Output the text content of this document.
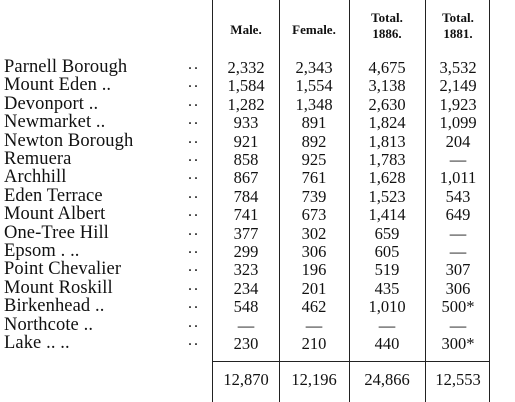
Male.	Female.
Total.
1886.
Total.
1881.
Parnell Borough	..	2,332	2,343	4,675	3,532
Mount Eden ..	..	1,584	1,554	3,138	2,149
Devonport ..	..	1,282	1,348	2,630	1,923
Newmarket ..	..	933	891	1,824	1,099
Newton Borough	..	921	892	1,813	204
Remuera	..	858	925	1,783	—
Archhill	..	867	761	1,628	1,011
Eden Terrace	..	784	739	1,523	543
Mount Albert	..	741	673	1,414	649
One-Tree Hill	..	377	302	659	—
Epsom . ..	..	299	306	605	—
Point Chevalier	..	323	196	519	307
Mount Roskill	..	234	201	435	306
Birkenhead ..	..	548	462	1,010	500*
Northcote ..	..	—	—	—	—
Lake .. ..	..	230	210	440	300*
12,870	12,196	24,866	12,553
